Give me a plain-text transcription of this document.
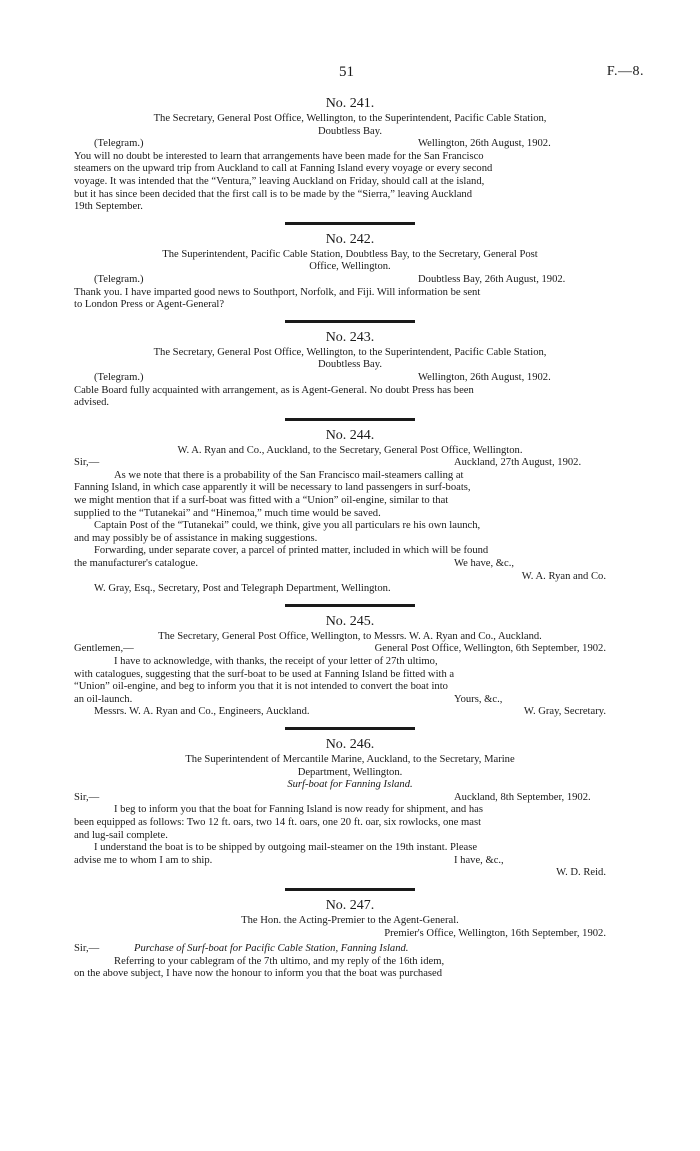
51	F.—8.

No. 241.

The Secretary, General Post Office, Wellington, to the Superintendent, Pacific Cable Station,

Doubtless Bay.

(Telegram.)	Wellington, 26th August, 1902.

You will no doubt be interested to learn that arrangements have been made for the San Francisco

steamers on the upward trip from Auckland to call at Fanning Island every voyage or every second

voyage. It was intended that the “Ventura,” leaving Auckland on Friday, should call at the island,

but it has since been decided that the first call is to be made by the “Sierra,” leaving Auckland

19th September.

No. 242.

The Superintendent, Pacific Cable Station, Doubtless Bay, to the Secretary, General Post

Office, Wellington.

(Telegram.)	Doubtless Bay, 26th August, 1902.

Thank you. I have imparted good news to Southport, Norfolk, and Fiji. Will information be sent

to London Press or Agent-General?

No. 243.

The Secretary, General Post Office, Wellington, to the Superintendent, Pacific Cable Station,

Doubtless Bay.

(Telegram.)	Wellington, 26th August, 1902.

Cable Board fully acquainted with arrangement, as is Agent-General. No doubt Press has been

advised.

No. 244.

W. A. Ryan and Co., Auckland, to the Secretary, General Post Office, Wellington.

Sir,—	Auckland, 27th August, 1902.

As we note that there is a probability of the San Francisco mail-steamers calling at

Fanning Island, in which case apparently it will be necessary to land passengers in surf-boats,

we might mention that if a surf-boat was fitted with a “Union” oil-engine, similar to that

supplied to the “Tutanekai” and “Hinemoa,” much time would be saved.

Captain Post of the “Tutanekai” could, we think, give you all particulars re his own launch,

and may possibly be of assistance in making suggestions.

Forwarding, under separate cover, a parcel of printed matter, included in which will be found

the manufacturer's catalogue.	We have, &c.,
W. A. Ryan and Co.
W. Gray, Esq., Secretary, Post and Telegraph Department, Wellington.

No. 245.

The Secretary, General Post Office, Wellington, to Messrs. W. A. Ryan and Co., Auckland.

Gentlemen,—	General Post Office, Wellington, 6th September, 1902.

I have to acknowledge, with thanks, the receipt of your letter of 27th ultimo,

with catalogues, suggesting that the surf-boat to be used at Fanning Island be fitted with a

“Union” oil-engine, and beg to inform you that it is not intended to convert the boat into

an oil-launch.	Yours, &c.,
Messrs. W. A. Ryan and Co., Engineers, Auckland.	W. Gray, Secretary.

No. 246.

The Superintendent of Mercantile Marine, Auckland, to the Secretary, Marine

Department, Wellington.

Surf-boat for Fanning Island.

Sir,—	Auckland, 8th September, 1902.

I beg to inform you that the boat for Fanning Island is now ready for shipment, and has

been equipped as follows: Two 12 ft. oars, two 14 ft. oars, one 20 ft. oar, six rowlocks, one mast

and lug-sail complete.

I understand the boat is to be shipped by outgoing mail-steamer on the 19th instant. Please

advise me to whom I am to ship.	I have, &c.,
W. D. Reid.

No. 247.

The Hon. the Acting-Premier to the Agent-General.

Premier's Office, Wellington, 16th September, 1902.
Sir,—	Purchase of Surf-boat for Pacific Cable Station, Fanning Island.

Referring to your cablegram of the 7th ultimo, and my reply of the 16th idem,

on the above subject, I have now the honour to inform you that the boat was purchased
